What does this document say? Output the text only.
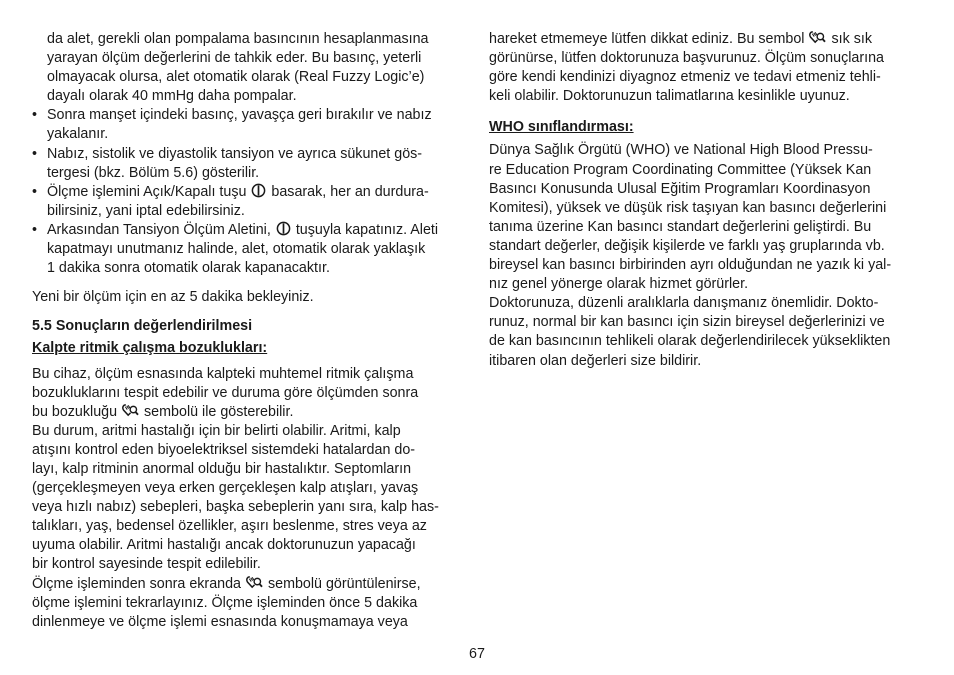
da alet, gerekli olan pompalama basıncının hesaplanmasına

yarayan ölçüm değerlerini de tahkik eder. Bu basınç, yeterli

olmayacak olursa, alet otomatik olarak (Real Fuzzy Logic’e)

dayalı olarak 40 mmHg daha pompalar.

• Sonra manşet içindeki basınç, yavaşça geri bırakılır ve nabız

yakalanır.

• Nabız, sistolik ve diyastolik tansiyon ve ayrıca sükunet gös-

tergesi (bkz. Bölüm 5.6) gösterilir.

• Ölçme işlemini Açık/Kapalı tuşu basarak, her an durdura-

bilirsiniz, yani iptal edebilirsiniz.

• Arkasından Tansiyon Ölçüm Aletini, tuşuyla kapatınız. Aleti

kapatmayı unutmanız halinde, alet, otomatik olarak yaklaşık

1 dakika sonra otomatik olarak kapanacaktır.

Yeni bir ölçüm için en az 5 dakika bekleyiniz.

5.5 Sonuçların değerlendirilmesi

Kalpte ritmik çalışma bozuklukları:

Bu cihaz, ölçüm esnasında kalpteki muhtemel ritmik çalışma

bozukluklarını tespit edebilir ve duruma göre ölçümden sonra

bu bozukluğu sembolü ile gösterebilir.

Bu durum, aritmi hastalığı için bir belirti olabilir. Aritmi, kalp

atışını kontrol eden biyoelektriksel sistemdeki hatalardan do-

layı, kalp ritminin anormal olduğu bir hastalıktır. Septomların

(gerçekleşmeyen veya erken gerçekleşen kalp atışları, yavaş

veya hızlı nabız) sebepleri, başka sebeplerin yanı sıra, kalp has-

talıkları, yaş, bedensel özellikler, aşırı beslenme, stres veya az

uyuma olabilir. Aritmi hastalığı ancak doktorunuzun yapacağı

bir kontrol sayesinde tespit edilebilir.

Ölçme işleminden sonra ekranda sembolü görüntülenirse,

ölçme işlemini tekrarlayınız. Ölçme işleminden önce 5 dakika

dinlenmeye ve ölçme işlemi esnasında konuşmamaya veya

hareket etmemeye lütfen dikkat ediniz. Bu sembol sık sık

görünürse, lütfen doktorunuza başvurunuz. Ölçüm sonuçlarına

göre kendi kendinizi diyagnoz etmeniz ve tedavi etmeniz tehli-

keli olabilir. Doktorunuzun talimatlarına kesinlikle uyunuz.

WHO sınıflandırması:

Dünya Sağlık Örgütü (WHO) ve National High Blood Pressu-

re Education Program Coordinating Committee (Yüksek Kan

Basıncı Konusunda Ulusal Eğitim Programları Koordinasyon

Komitesi), yüksek ve düşük risk taşıyan kan basıncı değerlerini

tanıma üzerine Kan basıncı standart değerlerini geliştirdi. Bu

standart değerler, değişik kişilerde ve farklı yaş gruplarında vb.

bireysel kan basıncı birbirinden ayrı olduğundan ne yazık ki yal-

nız genel yönerge olarak hizmet görürler.

Doktorunuza, düzenli aralıklarla danışmanız önemlidir. Dokto-

runuz, normal bir kan basıncı için sizin bireysel değerlerinizi ve

de kan basıncının tehlikeli olarak değerlendirilecek yükseklikten

itibaren olan değerleri size bildirir.

67
